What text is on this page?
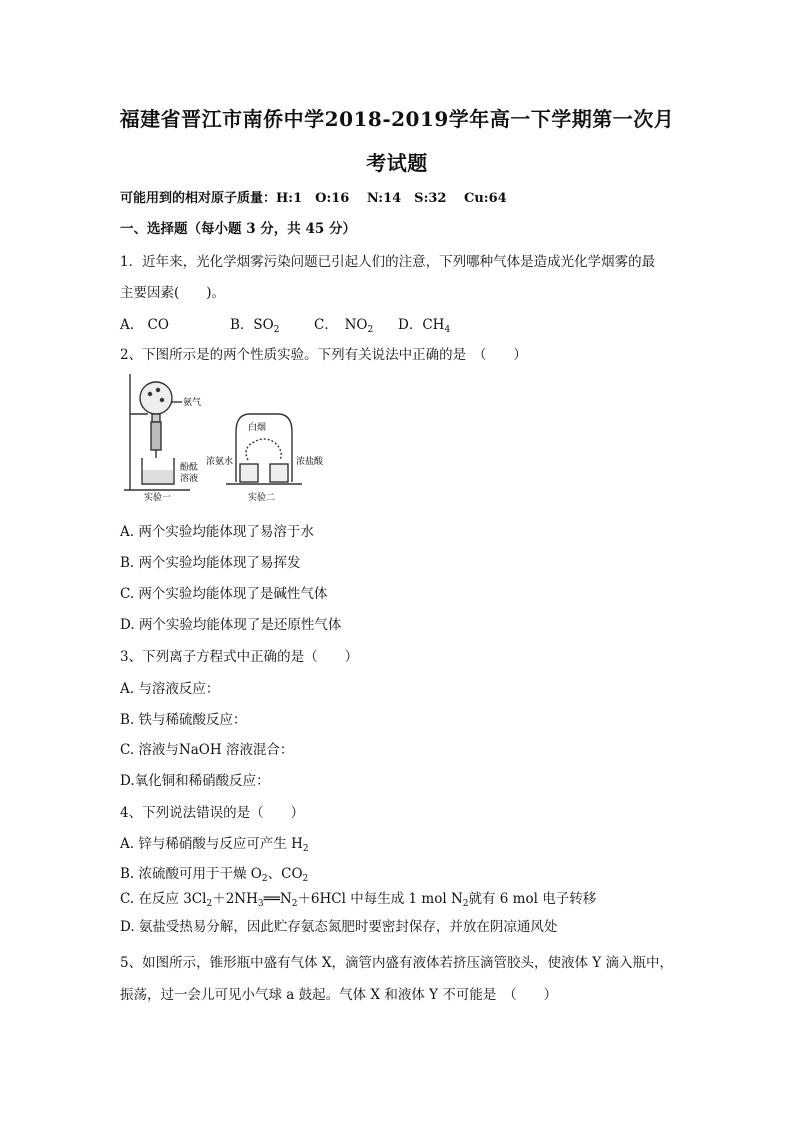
福建省晋江市南侨中学2018-2019学年高一下学期第一次月
考试题
可能用到的相对原子质量：H:1　O:16　 N:14　S:32　 Cu:64
一、选择题（每小题 3 分，共 45 分）
1．近年来，光化学烟雾污染问题已引起人们的注意，下列哪种气体是造成光化学烟雾的最
主要因素(　　)。
A.　CO	B．$SO_2$	C．　$NO_2$ D．$CH_4$
2、下图所示是的两个性质实验。下列有关说法中正确的是　（　　）
氨气
酚酞
溶液
实验一
白烟
浓氨水	浓盐酸
实验二
A. 两个实验均能体现了易溶于水
B. 两个实验均能体现了易挥发
C. 两个实验均能体现了是碱性气体
D. 两个实验均能体现了是还原性气体
3、下列离子方程式中正确的是（　　）
A. 与溶液反应：
B. 铁与稀硫酸反应：
C. 溶液与NaOH 溶液混合：
D.氧化铜和稀硝酸反应：
4、下列说法错误的是（　　）
A. 锌与稀硝酸与反应可产生 $H_2$
B. 浓硫酸可用于干燥 $O_2$、$CO_2$
C. 在反应 $3Cl_2+2NH_3══N_2+6HCl$ 中每生成 1 mol $N_2$就有 6 mol 电子转移
D. 氨盐受热易分解，因此贮存氨态氮肥时要密封保存，并放在阴凉通风处
5、如图所示，锥形瓶中盛有气体 X，滴管内盛有液体若挤压滴管胶头，使液体 Y 滴入瓶中，
振荡，过一会儿可见小气球 a 鼓起。气体 X 和液体 Y 不可能是　（　　）
